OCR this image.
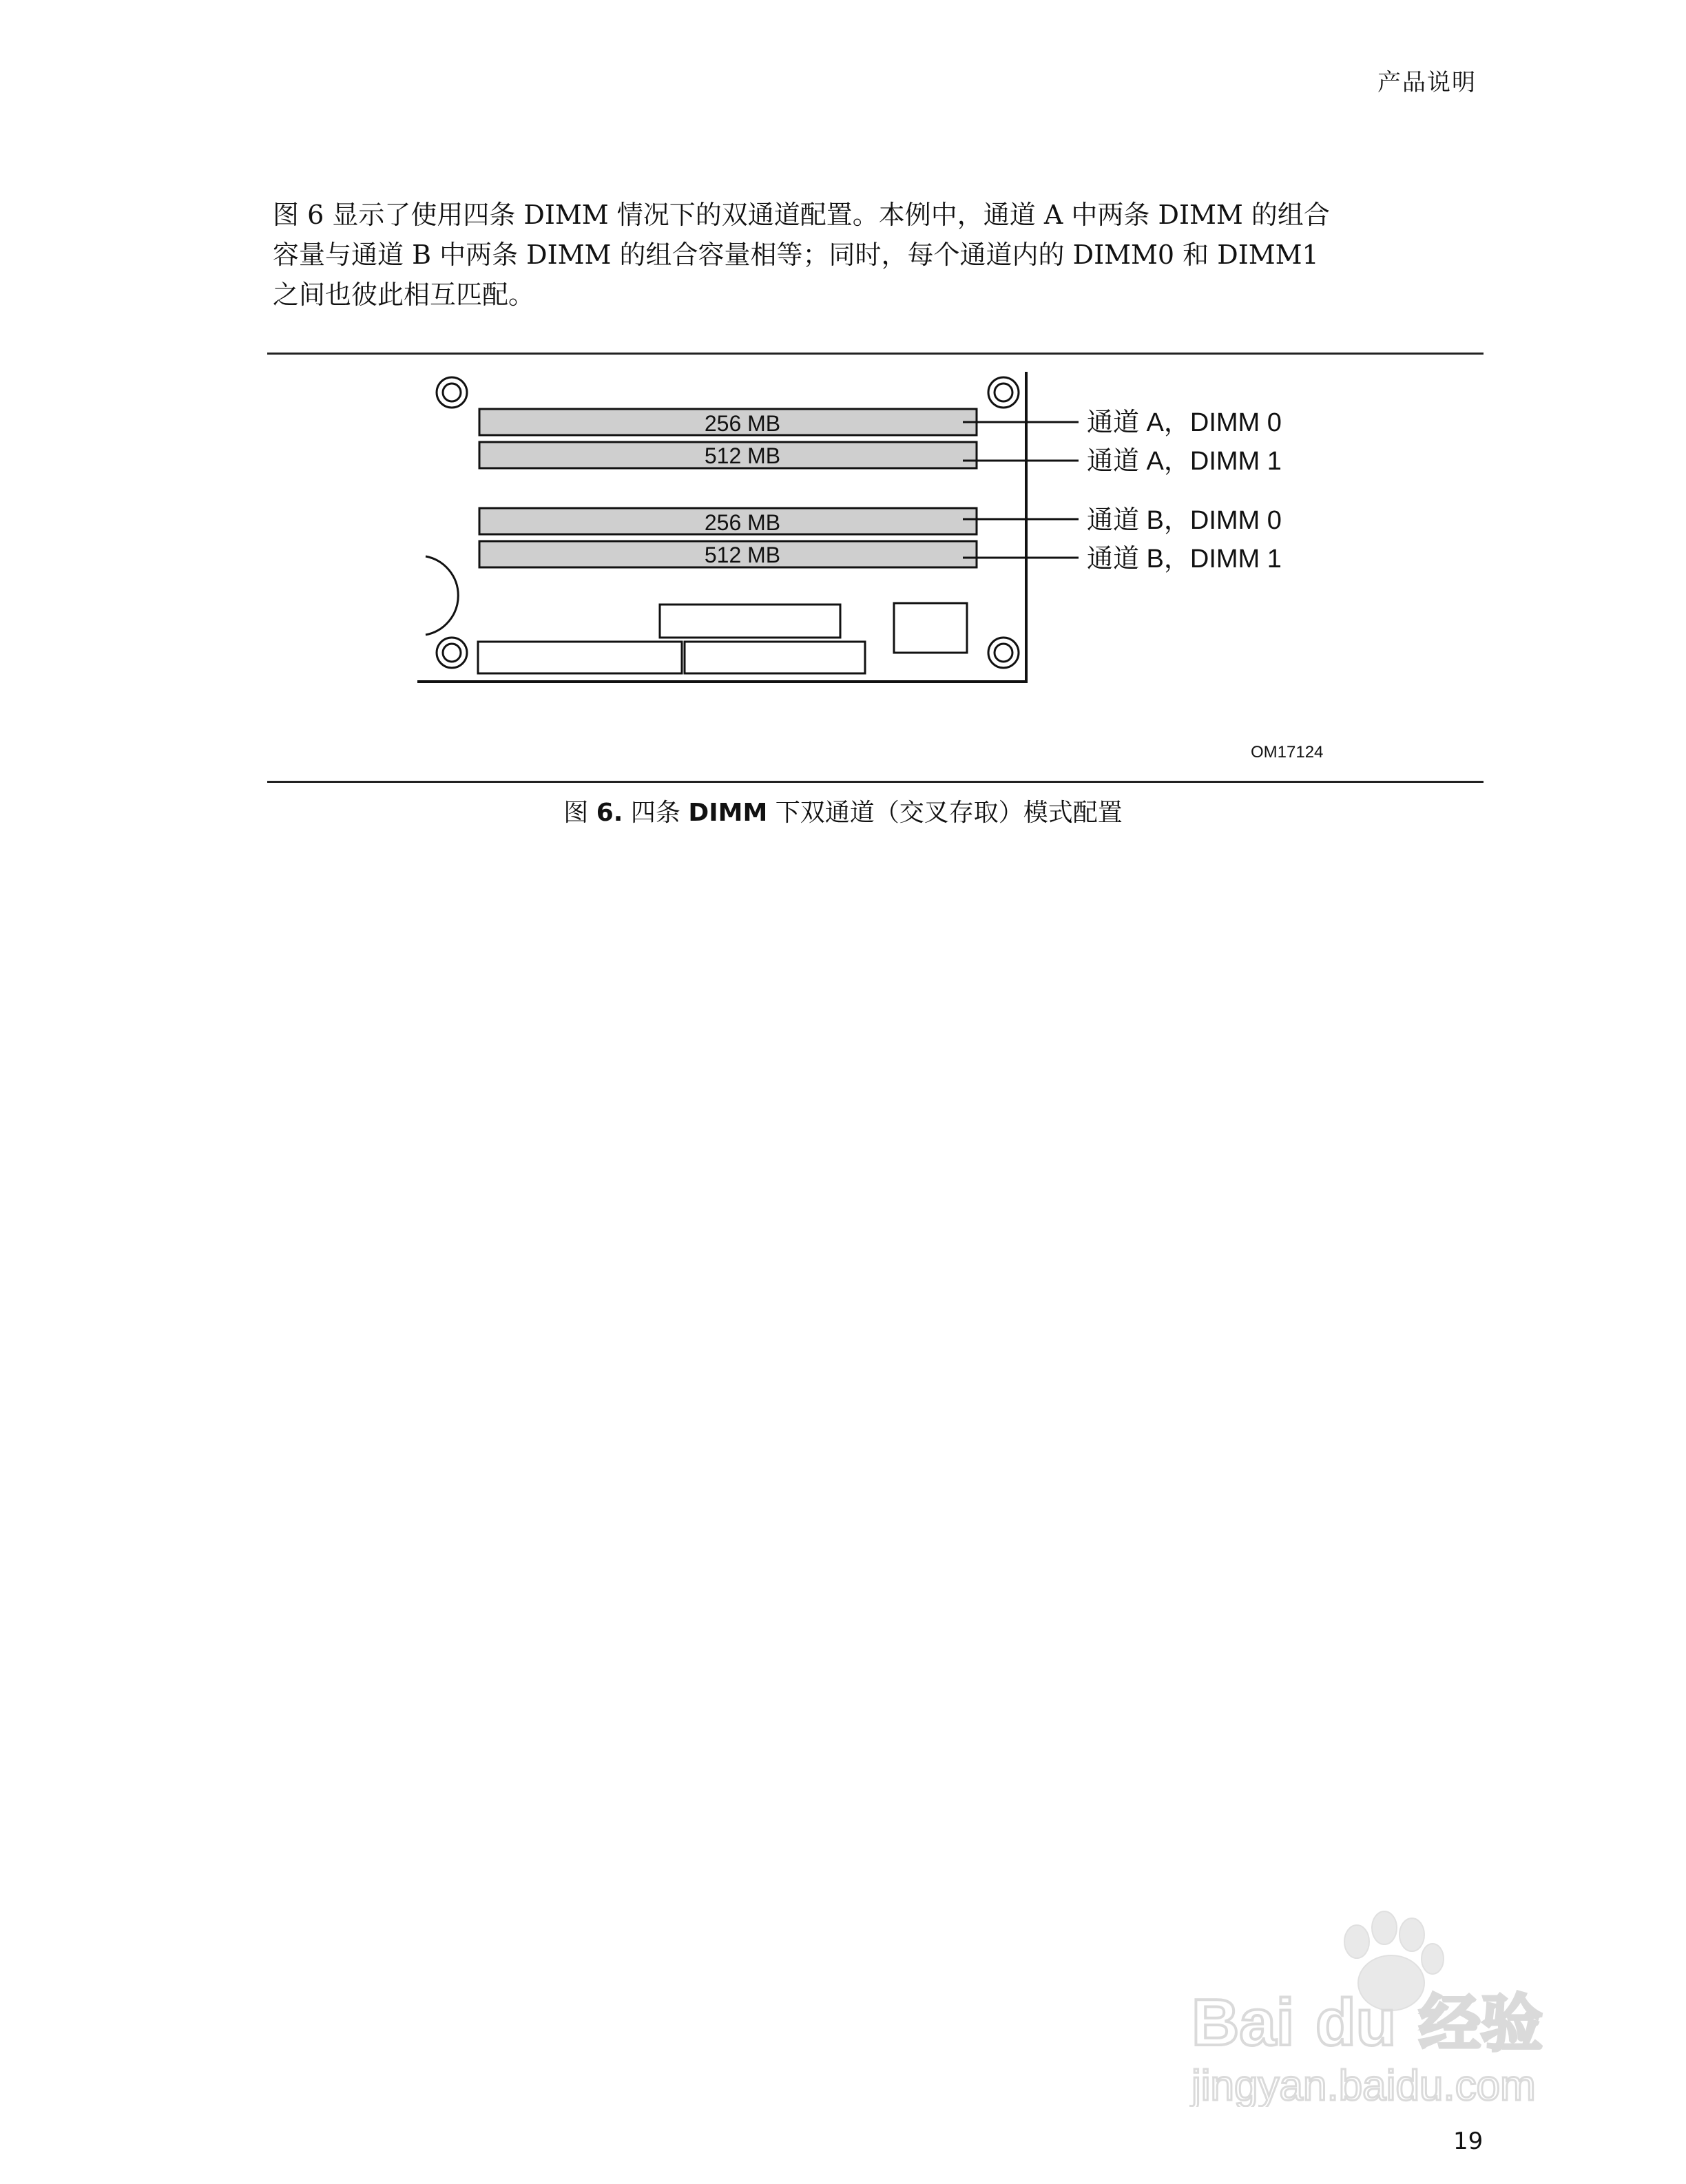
产品说明
图 6 显示了使用四条 DIMM 情况下的双通道配置。本例中，通道 A 中两条 DIMM 的组合
容量与通道 B 中两条 DIMM 的组合容量相等；同时，每个通道内的 DIMM0 和 DIMM1
之间也彼此相互匹配。
256 MB
512 MB
256 MB
512 MB
通道 A，DIMM 0
通道 A，DIMM 1
通道 B，DIMM 0
通道 B，DIMM 1
OM17124
图 6. 四条 DIMM 下双通道（交叉存取）模式配置
Bai du 经验
jingyan.baidu.com
19
